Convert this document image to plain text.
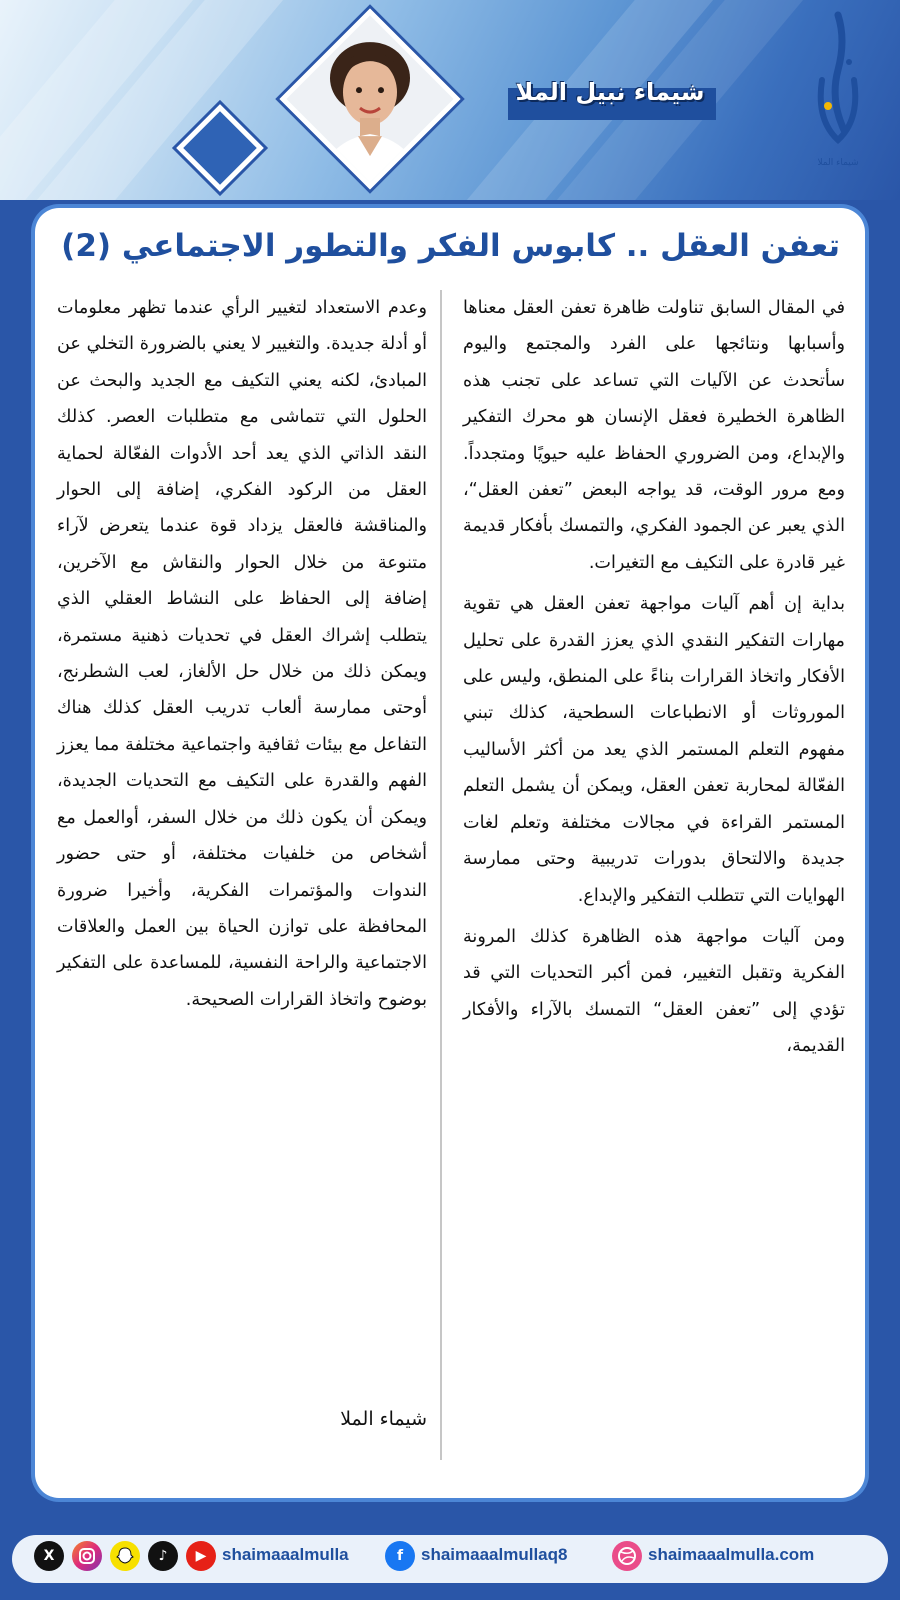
شيماء نبيل الملا
شيماء الملا
تعفن العقل .. كابوس الفكر والتطور الاجتماعي (2)

في المقال السابق تناولت ظاهرة تعفن العقل معناها وأسبابها ونتائجها على الفرد والمجتمع واليوم سأتحدث عن الآليات التي تساعد على تجنب هذه الظاهرة الخطيرة فعقل الإنسان هو محرك التفكير والإبداع، ومن الضروري الحفاظ عليه حيويًا ومتجدداً. ومع مرور الوقت، قد يواجه البعض ”تعفن العقل“، الذي يعبر عن الجمود الفكري، والتمسك بأفكار قديمة غير قادرة على التكيف مع التغيرات.

بداية إن أهم آليات مواجهة تعفن العقل هي تقوية مهارات التفكير النقدي الذي يعزز القدرة على تحليل الأفكار واتخاذ القرارات بناءً على المنطق، وليس على الموروثات أو الانطباعات السطحية، كذلك تبني مفهوم التعلم المستمر الذي يعد من أكثر الأساليب الفعّالة لمحاربة تعفن العقل، ويمكن أن يشمل التعلم المستمر القراءة في مجالات مختلفة وتعلم لغات جديدة والالتحاق بدورات تدريبية وحتى ممارسة الهوايات التي تتطلب التفكير والإبداع.

ومن آليات مواجهة هذه الظاهرة كذلك المرونة الفكرية وتقبل التغيير، فمن أكبر التحديات التي قد تؤدي إلى ”تعفن العقل“ التمسك بالآراء والأفكار القديمة،

وعدم الاستعداد لتغيير الرأي عندما تظهر معلومات أو أدلة جديدة. والتغيير لا يعني بالضرورة التخلي عن المبادئ، لكنه يعني التكيف مع الجديد والبحث عن الحلول التي تتماشى مع متطلبات العصر. كذلك النقد الذاتي الذي يعد أحد الأدوات الفعّالة لحماية العقل من الركود الفكري، إضافة إلى الحوار والمناقشة فالعقل يزداد قوة عندما يتعرض لآراء متنوعة من خلال الحوار والنقاش مع الآخرين، إضافة إلى الحفاظ على النشاط العقلي الذي يتطلب إشراك العقل في تحديات ذهنية مستمرة، ويمكن ذلك من خلال حل الألغاز، لعب الشطرنج، أوحتى ممارسة ألعاب تدريب العقل كذلك هناك التفاعل مع بيئات ثقافية واجتماعية مختلفة مما يعزز الفهم والقدرة على التكيف مع التحديات الجديدة، ويمكن أن يكون ذلك من خلال السفر، أوالعمل مع أشخاص من خلفيات مختلفة، أو حتى حضور الندوات والمؤتمرات الفكرية، وأخيرا ضرورة المحافظة على توازن الحياة بين العمل والعلاقات الاجتماعية والراحة النفسية، للمساعدة على التفكير بوضوح واتخاذ القرارات الصحيحة.

شيماء الملا
X	♪	▶ shaimaaalmulla	f	shaimaaalmullaq8	shaimaaalmulla.com
